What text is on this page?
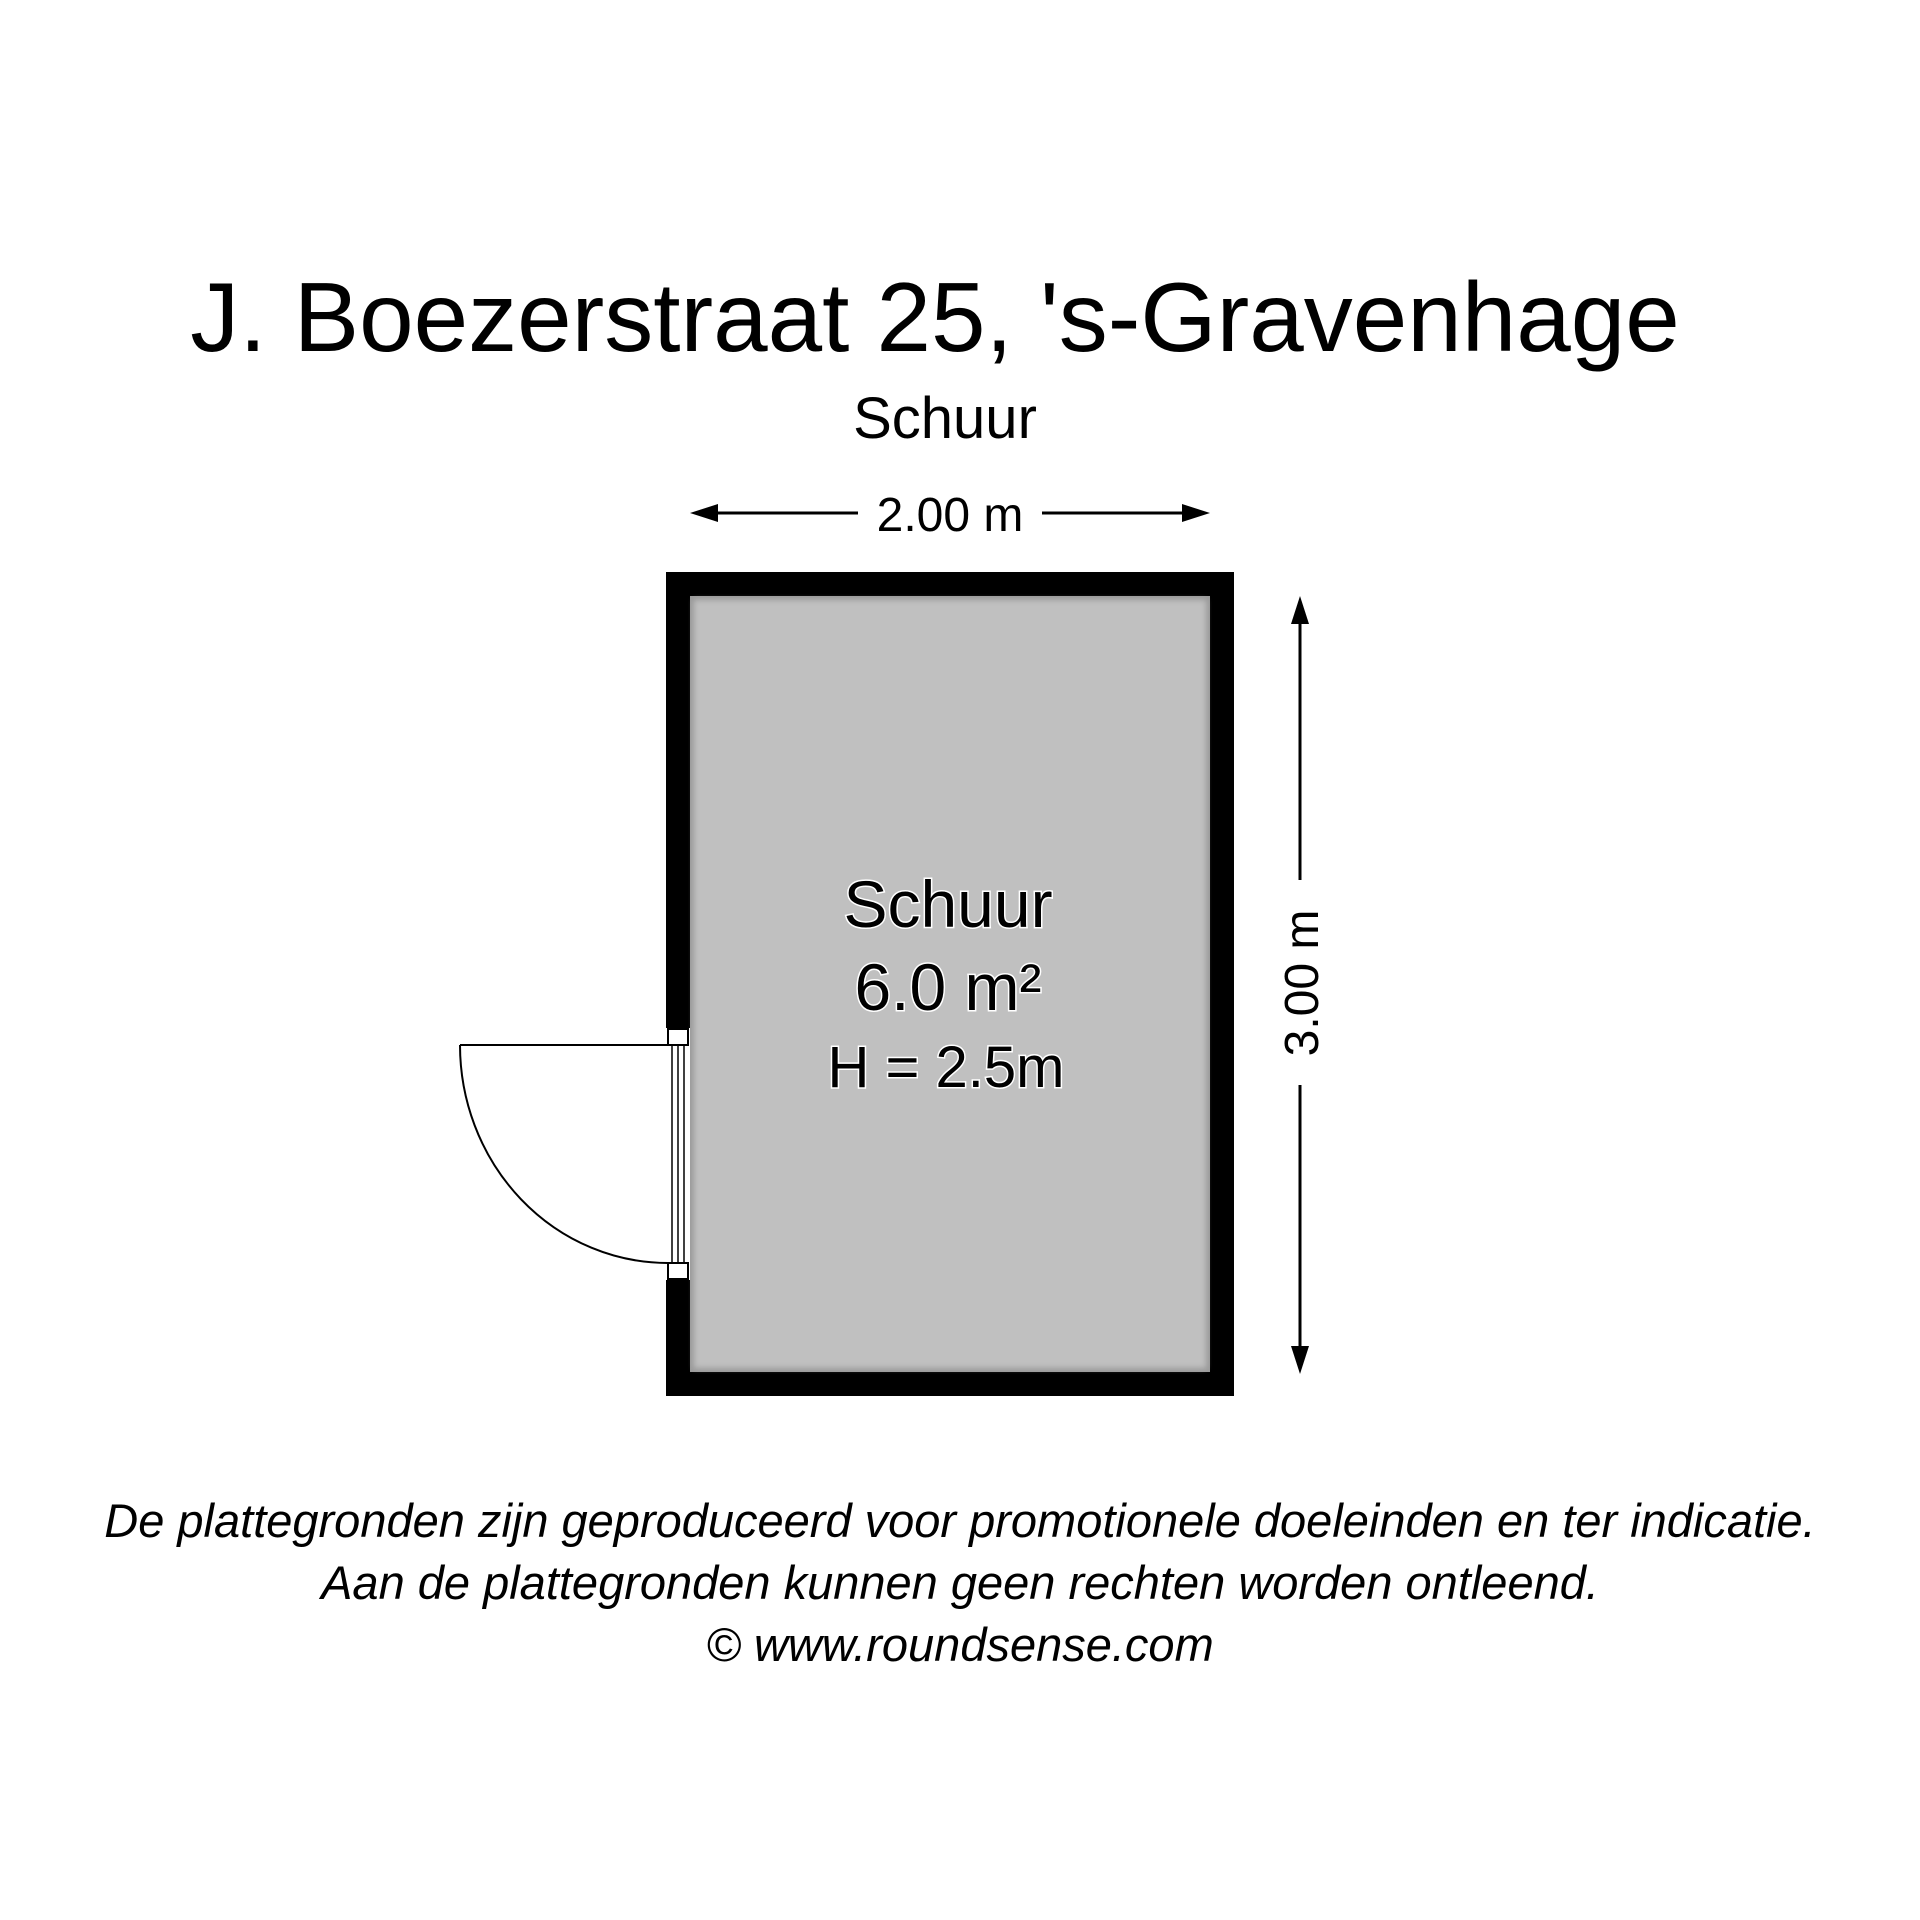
J. Boezerstraat 25, 's-Gravenhage
Schuur
2.00 m
3.00 m
Schuur
6.0 m²
H = 2.5m
De plattegronden zijn geproduceerd voor promotionele doeleinden en ter indicatie.
Aan de plattegronden kunnen geen rechten worden ontleend.
© www.roundsense.com
